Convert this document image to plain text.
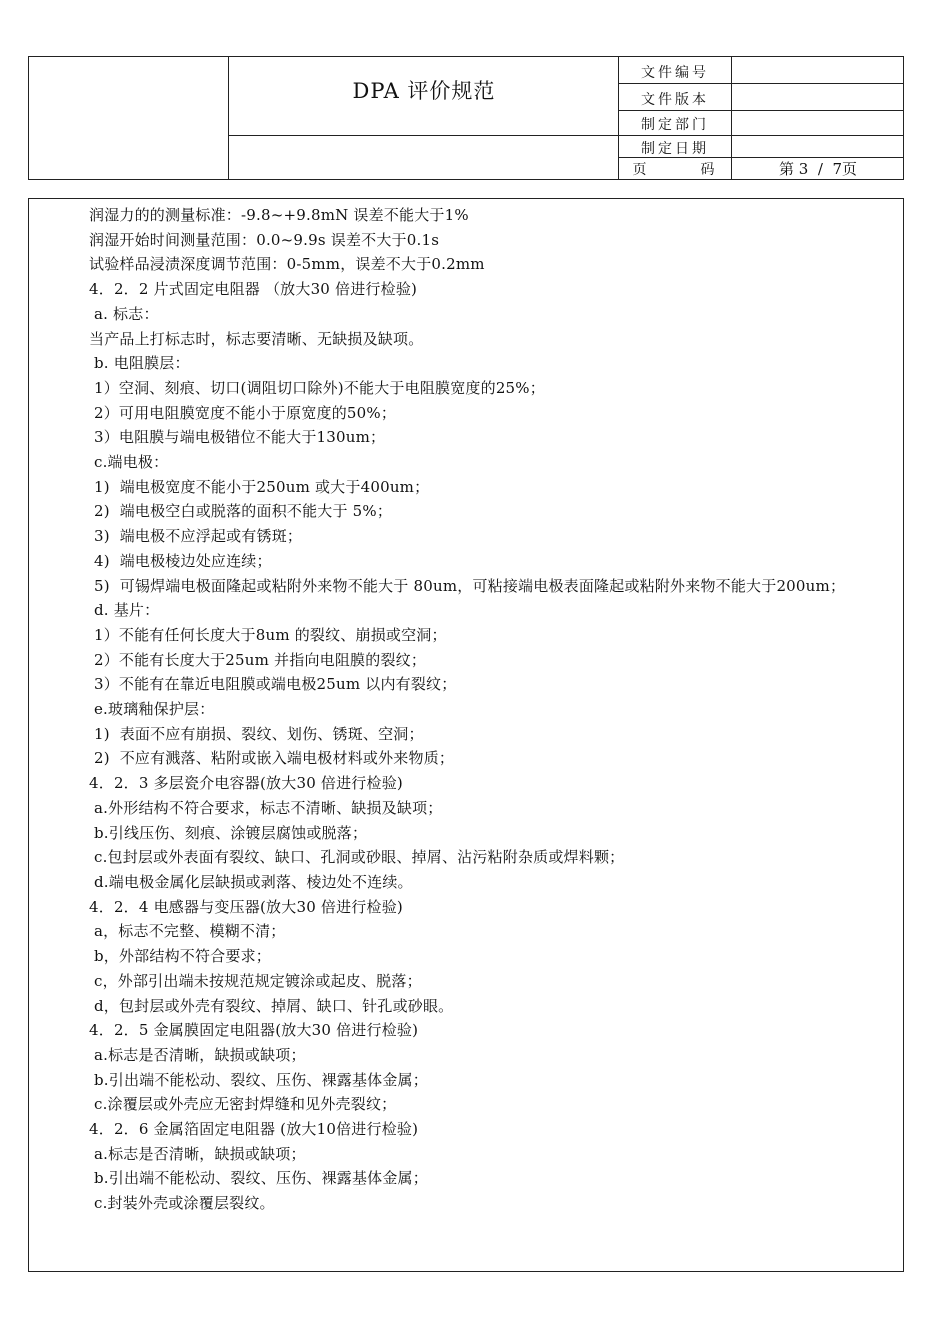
DPA 评价规范
文件编号
文件版本
制定部门
制定日期
页　　　码	第 3  /  7页
润湿力的的测量标准：-9.8~+9.8mN 误差不能大于1%
润湿开始时间测量范围：0.0~9.9s 误差不大于0.1s
试验样品浸渍深度调节范围：0-5mm，误差不大于0.2mm
4．2．2 片式固定电阻器 （放大30 倍进行检验)
a. 标志：
当产品上打标志时，标志要清晰、无缺损及缺项。
b. 电阻膜层：
1）空洞、刻痕、切口(调阻切口除外)不能大于电阻膜宽度的25%；
2）可用电阻膜宽度不能小于原宽度的50%；
3）电阻膜与端电极错位不能大于130um；
c.端电极：
1)  端电极宽度不能小于250um 或大于400um；
2)  端电极空白或脱落的面积不能大于 5%；
3)  端电极不应浮起或有锈斑；
4)  端电极棱边处应连续；
5)  可锡焊端电极面隆起或粘附外来物不能大于 80um，可粘接端电极表面隆起或粘附外来物不能大于200um；
d. 基片：
1）不能有任何长度大于8um 的裂纹、崩损或空洞；
2）不能有长度大于25um 并指向电阻膜的裂纹；
3）不能有在靠近电阻膜或端电极25um 以内有裂纹；
e.玻璃釉保护层：
1)  表面不应有崩损、裂纹、划伤、锈斑、空洞；
2)  不应有溅落、粘附或嵌入端电极材料或外来物质；
4．2．3 多层瓷介电容器(放大30 倍进行检验)
a.外形结构不符合要求，标志不清晰、缺损及缺项；
b.引线压伤、刻痕、涂镀层腐蚀或脱落；
c.包封层或外表面有裂纹、缺口、孔洞或砂眼、掉屑、沾污粘附杂质或焊料颗；
d.端电极金属化层缺损或剥落、棱边处不连续。
4．2．4 电感器与变压器(放大30 倍进行检验)
a，标志不完整、模糊不清；
b，外部结构不符合要求；
c，外部引出端未按规范规定镀涂或起皮、脱落；
d，包封层或外壳有裂纹、掉屑、缺口、针孔或砂眼。
4．2．5 金属膜固定电阻器(放大30 倍进行检验)
a.标志是否清晰，缺损或缺项；
b.引出端不能松动、裂纹、压伤、裸露基体金属；
c.涂覆层或外壳应无密封焊缝和见外壳裂纹；
4．2．6 金属箔固定电阻器 (放大10倍进行检验)
a.标志是否清晰，缺损或缺项；
b.引出端不能松动、裂纹、压伤、裸露基体金属；
c.封装外壳或涂覆层裂纹。
